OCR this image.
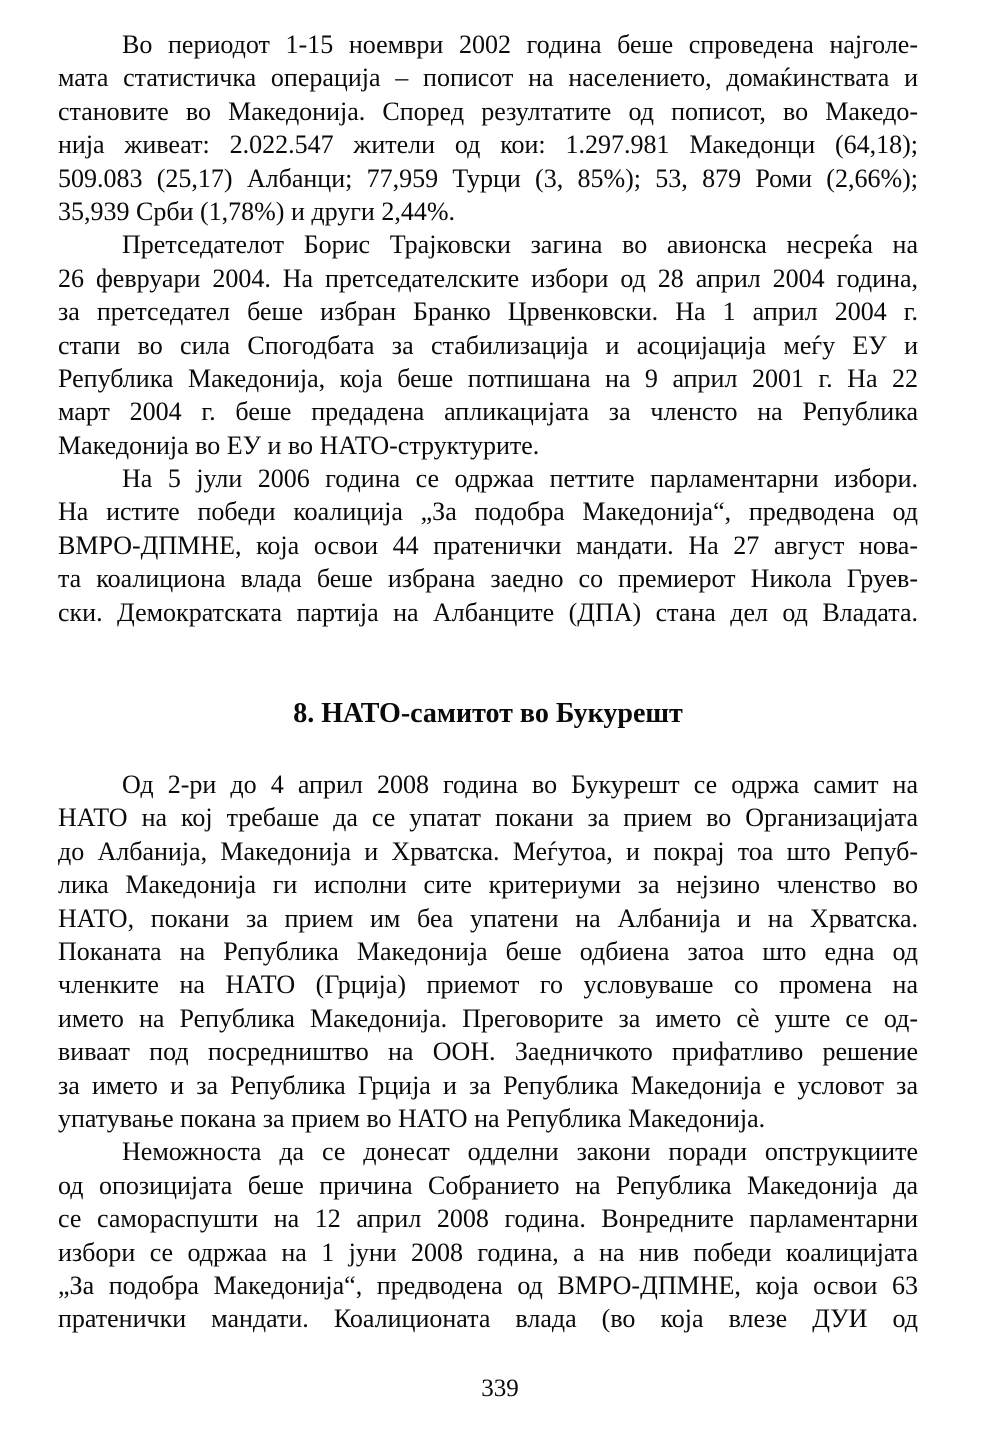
Во периодот 1-15 ноември 2002 година беше спроведена најголе-
мата статистичка операција – пописот на населението, домаќинствата и
становите во Македонија. Според резултатите од пописот, во Македо-
нија живеат: 2.022.547 жители од кои: 1.297.981 Македонци (64,18);
509.083 (25,17) Албанци; 77,959 Турци (3, 85%); 53, 879 Роми (2,66%);
35,939 Срби (1,78%) и други 2,44%.
Претседателот Борис Трајковски загина во авионска несреќа на
26 февруари 2004. На претседателските избори од 28 април 2004 година,
за претседател беше избран Бранко Црвенковски. На 1 април 2004 г.
стапи во сила Спогодбата за стабилизација и асоцијација меѓу ЕУ и
Република Македонија, која беше потпишана на 9 април 2001 г. На 22
март 2004 г. беше предадена апликацијата за членсто на Република
Македонија во ЕУ и во НАТО-структурите.
На 5 јули 2006 година се одржаа петтите парламентарни избори.
На истите победи коалиција „За подобра Македонија“, предводена од
ВМРО-ДПМНЕ, која освои 44 пратенички мандати. На 27 август нова-
та коалициона влада беше избрана заедно со премиерот Никола Груев-
ски. Демократската партија на Албанците (ДПА) стана дел од Владата.
8. НАТО-самитот во Букурешт
Од 2-ри до 4 април 2008 година во Букурешт се одржа самит на
НАТО на кој требаше да се упатат покани за прием во Организацијата
до Албанија, Македонија и Хрватска. Меѓутоа, и покрај тоа што Репуб-
лика Македонија ги исполни сите критериуми за нејзино членство во
НАТО, покани за прием им беа упатени на Албанија и на Хрватска.
Поканата на Република Македонија беше одбиена затоа што една од
членките на НАТО (Грција) приемот го условуваше со промена на
името на Република Македонија. Преговорите за името сѐ уште се од-
виваат под посредништво на ООН. Заедничкото прифатливо решение
за името и за Република Грција и за Република Македонија е условот за
упатување покана за прием во НАТО на Република Македонија.
Неможноста да се донесат одделни закони поради опструкциите
од опозицијата беше причина Собранието на Република Македонија да
се самораспушти на 12 април 2008 година. Вонредните парламентарни
избори се одржаа на 1 јуни 2008 година, а на нив победи коалицијата
„За подобра Македонија“, предводена од ВМРО-ДПМНЕ, која освои 63
пратенички мандати. Коалиционата влада (во која влезе ДУИ од
339
